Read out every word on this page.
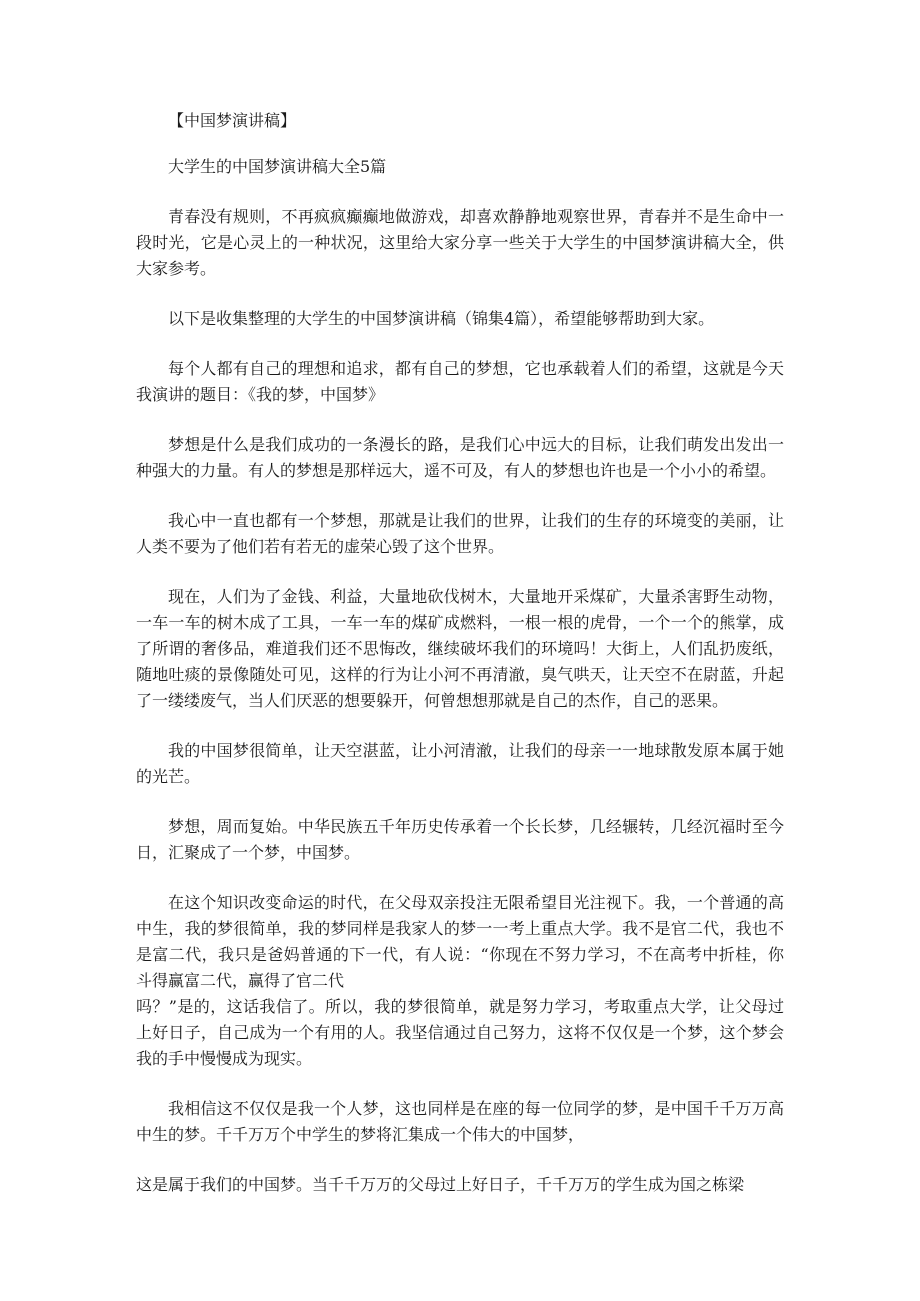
【中国梦演讲稿】

大学生的中国梦演讲稿大全5篇

青春没有规则，不再疯疯癫癫地做游戏，却喜欢静静地观察世界，青春并不是生命中一段时光，它是心灵上的一种状况，这里给大家分享一些关于大学生的中国梦演讲稿大全，供大家参考。

以下是收集整理的大学生的中国梦演讲稿（锦集4篇），希望能够帮助到大家。

每个人都有自己的理想和追求，都有自己的梦想，它也承载着人们的希望，这就是今天我演讲的题目：《我的梦，中国梦》

梦想是什么是我们成功的一条漫长的路，是我们心中远大的目标，让我们萌发出发出一种强大的力量。有人的梦想是那样远大，遥不可及，有人的梦想也许也是一个小小的希望。

我心中一直也都有一个梦想，那就是让我们的世界，让我们的生存的环境变的美丽，让人类不要为了他们若有若无的虚荣心毁了这个世界。

现在，人们为了金钱、利益，大量地砍伐树木，大量地开采煤矿，大量杀害野生动物，一车一车的树木成了工具，一车一车的煤矿成燃料，一根一根的虎骨，一个一个的熊掌，成了所谓的奢侈品，难道我们还不思悔改，继续破坏我们的环境吗！大街上，人们乱扔废纸，随地吐痰的景像随处可见，这样的行为让小河不再清澈，臭气哄天，让天空不在尉蓝，升起了一缕缕废气，当人们厌恶的想要躲开，何曾想想那就是自己的杰作，自己的恶果。

我的中国梦很简单，让天空湛蓝，让小河清澈，让我们的母亲一一地球散发原本属于她的光芒。

梦想，周而复始。中华民族五千年历史传承着一个长长梦，几经辗转，几经沉福时至今日，汇聚成了一个梦，中国梦。

在这个知识改变命运的时代，在父母双亲投注无限希望目光注视下。我，一个普通的高中生，我的梦很简单，我的梦同样是我家人的梦一一考上重点大学。我不是官二代，我也不是富二代，我只是爸妈普通的下一代，有人说：“你现在不努力学习，不在高考中折桂，你斗得赢富二代，赢得了官二代
吗？”是的，这话我信了。所以，我的梦很简单，就是努力学习，考取重点大学，让父母过上好日子，自己成为一个有用的人。我坚信通过自己努力，这将不仅仅是一个梦，这个梦会我的手中慢慢成为现实。

我相信这不仅仅是我一个人梦，这也同样是在座的每一位同学的梦，是中国千千万万高中生的梦。千千万万个中学生的梦将汇集成一个伟大的中国梦，

这是属于我们的中国梦。当千千万万的父母过上好日子，千千万万的学生成为国之栋梁
